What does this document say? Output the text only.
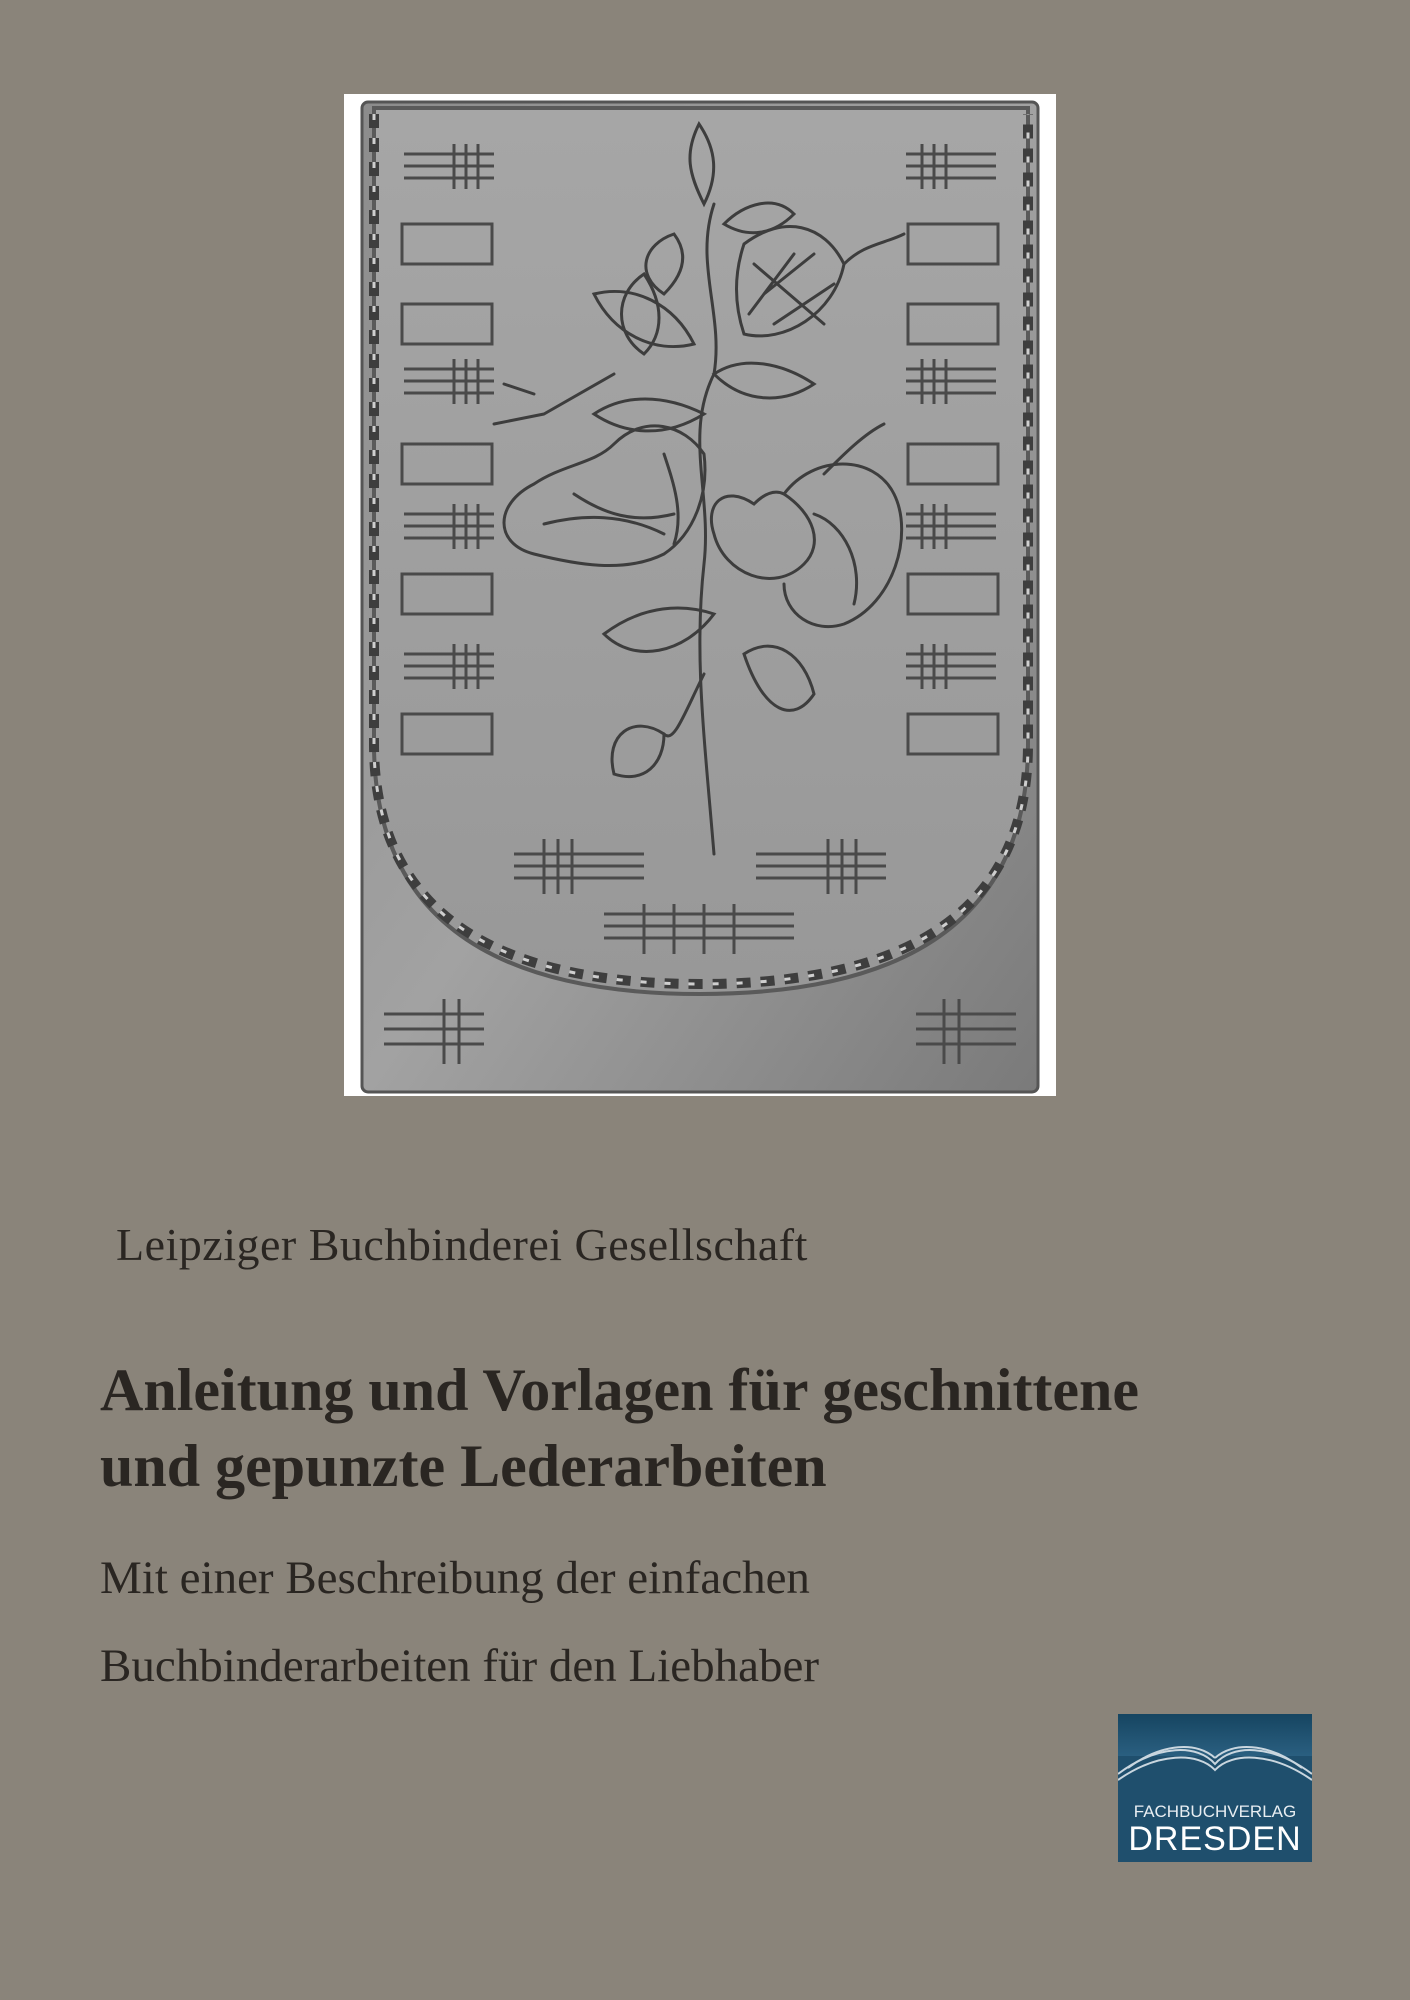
Leipziger Buchbinderei Gesellschaft
Anleitung und Vorlagen für geschnittene
und gepunzte Lederarbeiten
Mit einer Beschreibung der einfachen
Buchbinderarbeiten für den Liebhaber
FACHBUCHVERLAG
DRESDEN
